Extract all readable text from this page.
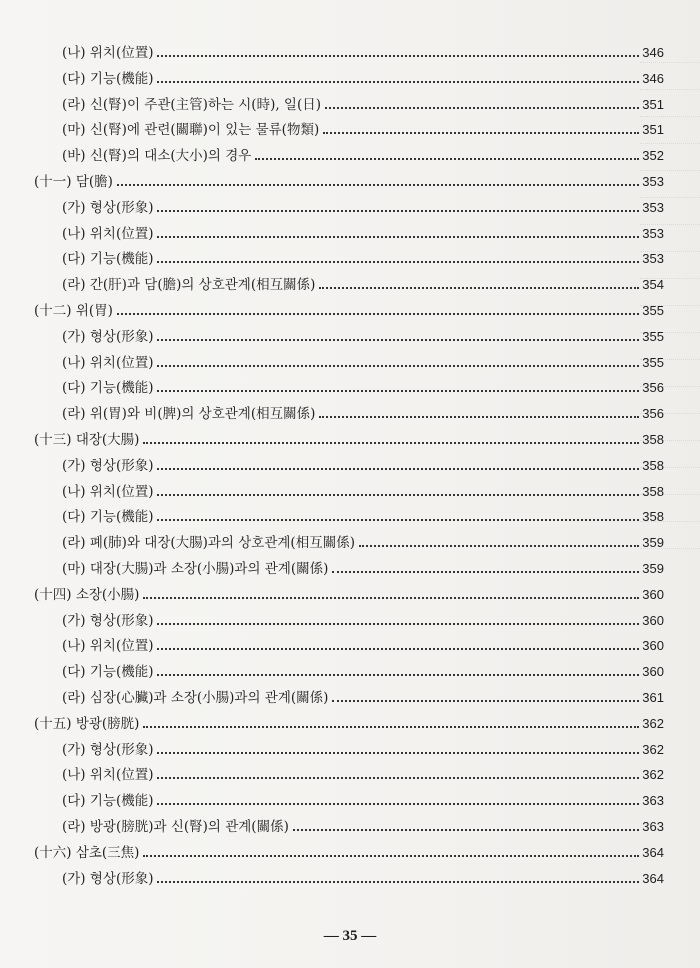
(나) 위치(位置)	346
(다) 기능(機能)	346
(라) 신(腎)이 주관(主管)하는 시(時), 일(日)	351
(마) 신(腎)에 관련(關聯)이 있는 물류(物類)	351
(바) 신(腎)의 대소(大小)의 경우	352
(十一) 담(膽)	353
(가) 형상(形象)	353
(나) 위치(位置)	353
(다) 기능(機能)	353
(라) 간(肝)과 담(膽)의 상호관계(相互關係)	354
(十二) 위(胃)	355
(가) 형상(形象)	355
(나) 위치(位置)	355
(다) 기능(機能)	356
(라) 위(胃)와 비(脾)의 상호관계(相互關係)	356
(十三) 대장(大腸)	358
(가) 형상(形象)	358
(나) 위치(位置)	358
(다) 기능(機能)	358
(라) 폐(肺)와 대장(大腸)과의 상호관계(相互關係)	359
(마) 대장(大腸)과 소장(小腸)과의 관계(關係)	359
(十四) 소장(小腸)	360
(가) 형상(形象)	360
(나) 위치(位置)	360
(다) 기능(機能)	360
(라) 심장(心臟)과 소장(小腸)과의 관계(關係)	361
(十五) 방광(膀胱)	362
(가) 형상(形象)	362
(나) 위치(位置)	362
(다) 기능(機能)	363
(라) 방광(膀胱)과 신(腎)의 관계(關係)	363
(十六) 삼초(三焦)	364
(가) 형상(形象)	364
— 35 —
